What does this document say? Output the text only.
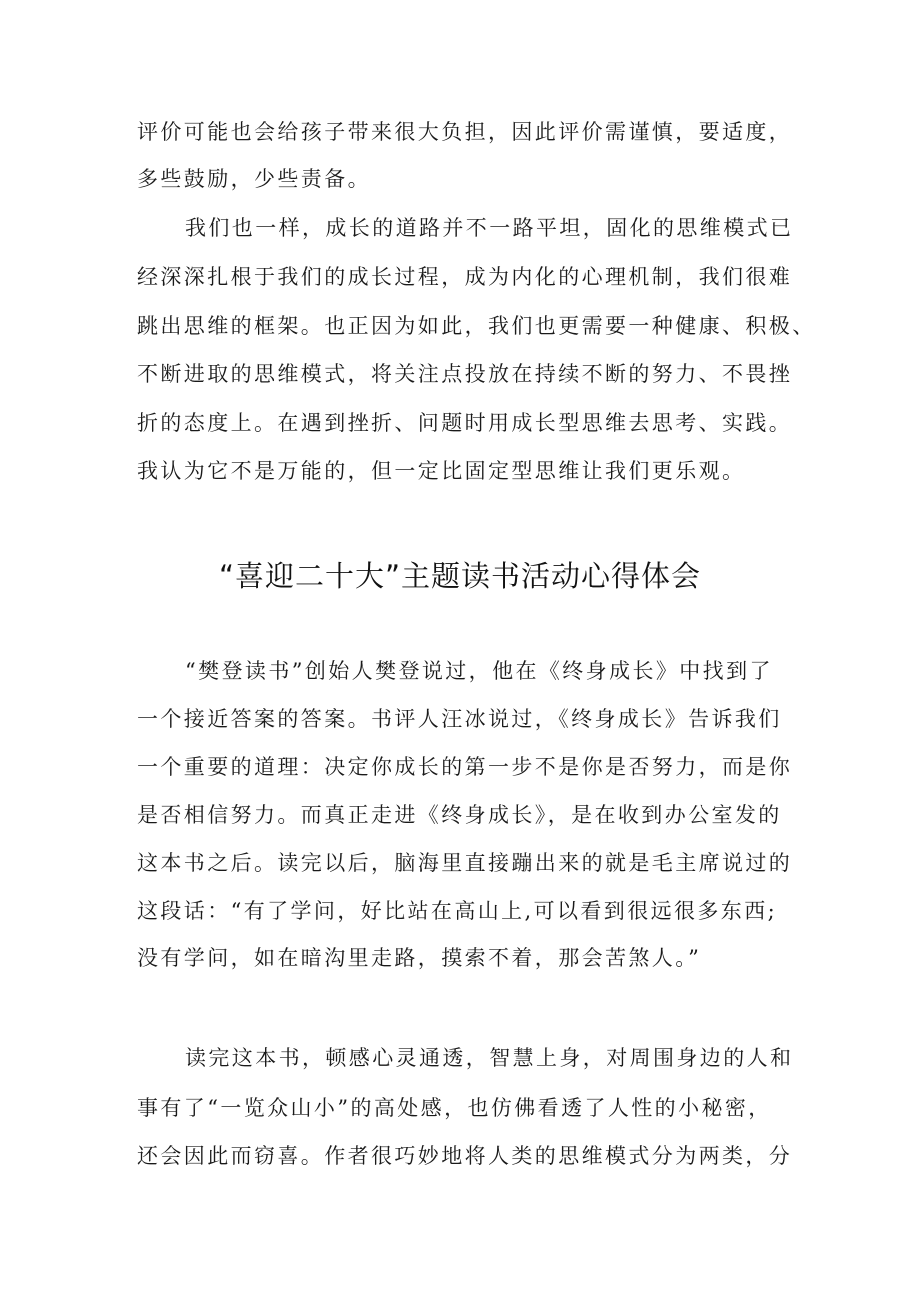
评价可能也会给孩子带来很大负担，因此评价需谨慎，要适度，
多些鼓励，少些责备。
我们也一样，成长的道路并不一路平坦，固化的思维模式已
经深深扎根于我们的成长过程，成为内化的心理机制，我们很难
跳出思维的框架。也正因为如此，我们也更需要一种健康、积极、
不断进取的思维模式，将关注点投放在持续不断的努力、不畏挫
折的态度上。在遇到挫折、问题时用成长型思维去思考、实践。
我认为它不是万能的，但一定比固定型思维让我们更乐观。
“喜迎二十大”主题读书活动心得体会
“樊登读书”创始人樊登说过，他在《终身成长》中找到了
一个接近答案的答案。书评人汪冰说过，《终身成长》告诉我们
一个重要的道理：决定你成长的第一步不是你是否努力，而是你
是否相信努力。而真正走进《终身成长》，是在收到办公室发的
这本书之后。读完以后，脑海里直接蹦出来的就是毛主席说过的
这段话：“有了学问，好比站在高山上,可以看到很远很多东西;
没有学问，如在暗沟里走路，摸索不着，那会苦煞人。”
读完这本书，顿感心灵通透，智慧上身，对周围身边的人和
事有了“一览众山小”的高处感，也仿佛看透了人性的小秘密，
还会因此而窃喜。作者很巧妙地将人类的思维模式分为两类，分
